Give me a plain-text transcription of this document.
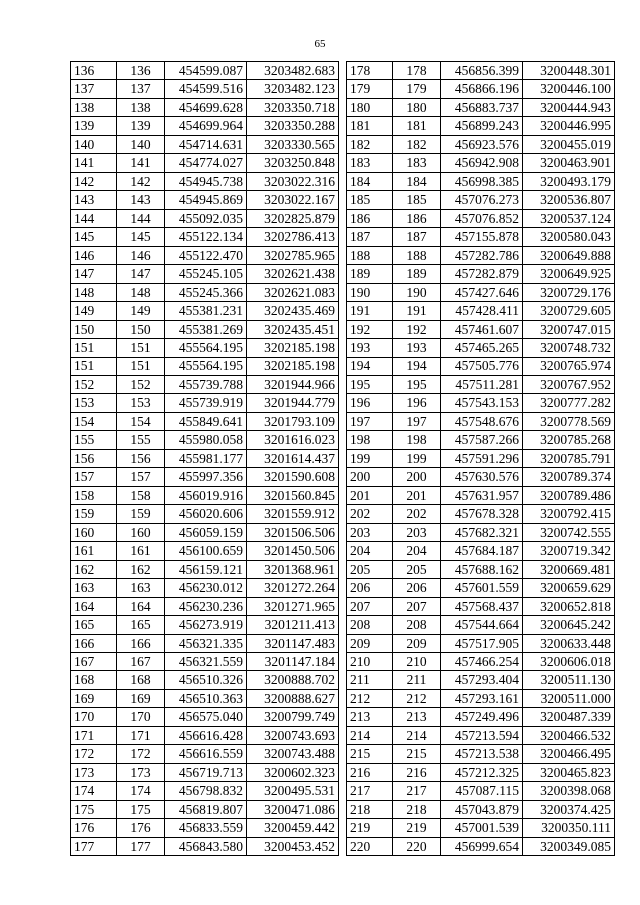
65
136	136	454599.087	3203482.683
137	137	454599.516	3203482.123
138	138	454699.628	3203350.718
139	139	454699.964	3203350.288
140	140	454714.631	3203330.565
141	141	454774.027	3203250.848
142	142	454945.738	3203022.316
143	143	454945.869	3203022.167
144	144	455092.035	3202825.879
145	145	455122.134	3202786.413
146	146	455122.470	3202785.965
147	147	455245.105	3202621.438
148	148	455245.366	3202621.083
149	149	455381.231	3202435.469
150	150	455381.269	3202435.451
151	151	455564.195	3202185.198
151	151	455564.195	3202185.198
152	152	455739.788	3201944.966
153	153	455739.919	3201944.779
154	154	455849.641	3201793.109
155	155	455980.058	3201616.023
156	156	455981.177	3201614.437
157	157	455997.356	3201590.608
158	158	456019.916	3201560.845
159	159	456020.606	3201559.912
160	160	456059.159	3201506.506
161	161	456100.659	3201450.506
162	162	456159.121	3201368.961
163	163	456230.012	3201272.264
164	164	456230.236	3201271.965
165	165	456273.919	3201211.413
166	166	456321.335	3201147.483
167	167	456321.559	3201147.184
168	168	456510.326	3200888.702
169	169	456510.363	3200888.627
170	170	456575.040	3200799.749
171	171	456616.428	3200743.693
172	172	456616.559	3200743.488
173	173	456719.713	3200602.323
174	174	456798.832	3200495.531
175	175	456819.807	3200471.086
176	176	456833.559	3200459.442
177	177	456843.580	3200453.452
178	178	456856.399	3200448.301
179	179	456866.196	3200446.100
180	180	456883.737	3200444.943
181	181	456899.243	3200446.995
182	182	456923.576	3200455.019
183	183	456942.908	3200463.901
184	184	456998.385	3200493.179
185	185	457076.273	3200536.807
186	186	457076.852	3200537.124
187	187	457155.878	3200580.043
188	188	457282.786	3200649.888
189	189	457282.879	3200649.925
190	190	457427.646	3200729.176
191	191	457428.411	3200729.605
192	192	457461.607	3200747.015
193	193	457465.265	3200748.732
194	194	457505.776	3200765.974
195	195	457511.281	3200767.952
196	196	457543.153	3200777.282
197	197	457548.676	3200778.569
198	198	457587.266	3200785.268
199	199	457591.296	3200785.791
200	200	457630.576	3200789.374
201	201	457631.957	3200789.486
202	202	457678.328	3200792.415
203	203	457682.321	3200742.555
204	204	457684.187	3200719.342
205	205	457688.162	3200669.481
206	206	457601.559	3200659.629
207	207	457568.437	3200652.818
208	208	457544.664	3200645.242
209	209	457517.905	3200633.448
210	210	457466.254	3200606.018
211	211	457293.404	3200511.130
212	212	457293.161	3200511.000
213	213	457249.496	3200487.339
214	214	457213.594	3200466.532
215	215	457213.538	3200466.495
216	216	457212.325	3200465.823
217	217	457087.115	3200398.068
218	218	457043.879	3200374.425
219	219	457001.539	3200350.111
220	220	456999.654	3200349.085
